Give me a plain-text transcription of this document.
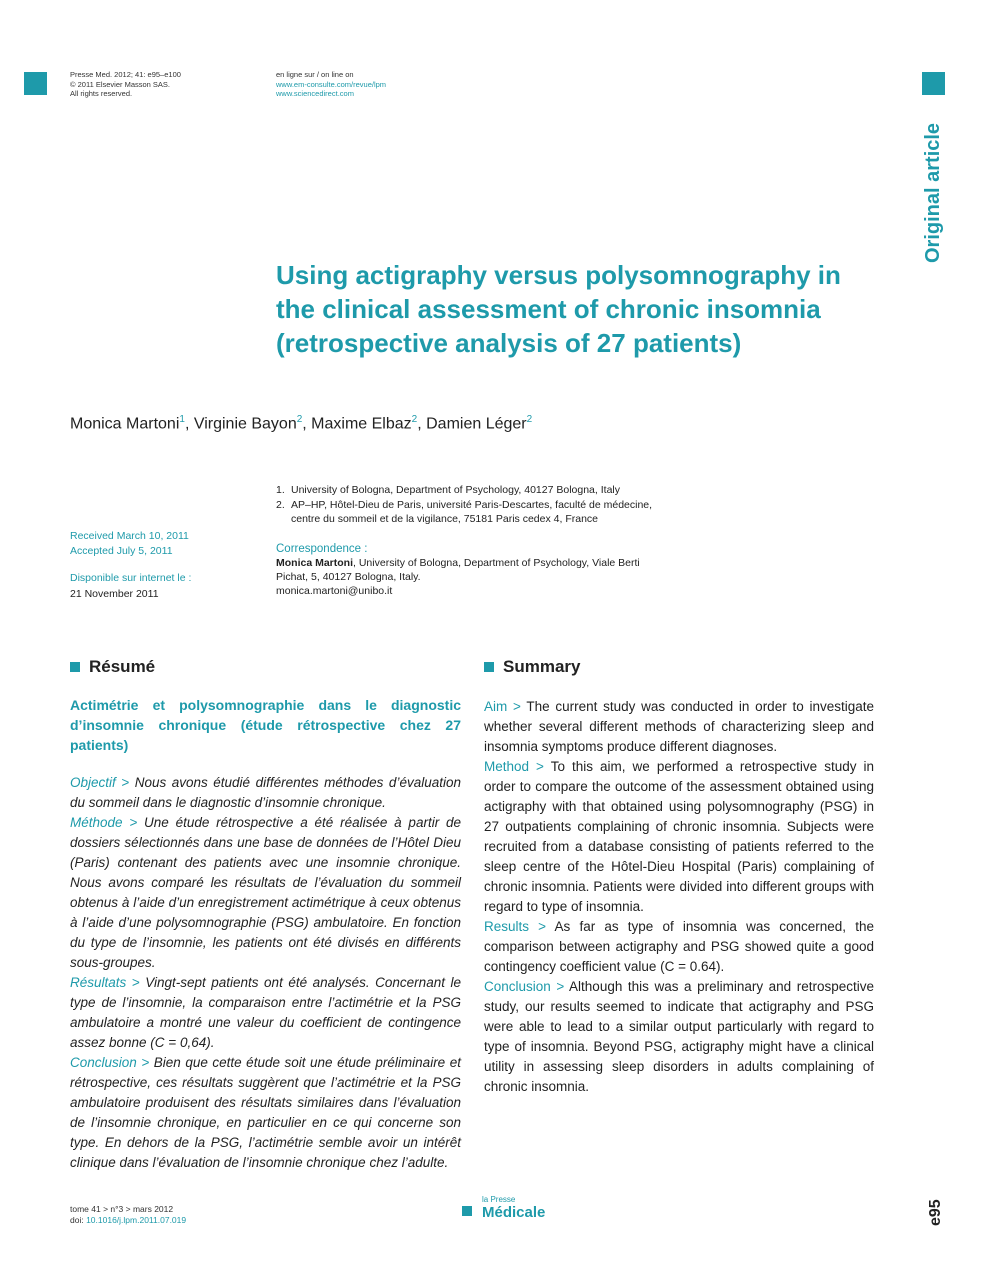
Presse Med. 2012; 41: e95–e100
© 2011 Elsevier Masson SAS.
All rights reserved.
en ligne sur / on line on
www.em-consulte.com/revue/lpm
www.sciencedirect.com
Original article
Using actigraphy versus polysomnography in the clinical assessment of chronic insomnia (retrospective analysis of 27 patients)
Monica Martoni$^1$, Virginie Bayon$^2$, Maxime Elbaz$^2$, Damien Léger$^2$
1. University of Bologna, Department of Psychology, 40127 Bologna, Italy
2. AP–HP, Hôtel-Dieu de Paris, université Paris-Descartes, faculté de médecine,
centre du sommeil et de la vigilance, 75181 Paris cedex 4, France
Received March 10, 2011
Accepted July 5, 2011
Disponible sur internet le :
21 November 2011
Correspondence :
Monica Martoni, University of Bologna, Department of Psychology, Viale Berti
Pichat, 5, 40127 Bologna, Italy.
monica.martoni@unibo.it
Résumé	Summary
Actimétrie et polysomnographie dans le diagnostic d’insomnie chronique (étude rétrospective chez 27 patients)

Objectif > Nous avons étudié différentes méthodes d’évaluation du sommeil dans le diagnostic d’insomnie chronique.

Méthode > Une étude rétrospective a été réalisée à partir de dossiers sélectionnés dans une base de données de l’Hôtel Dieu (Paris) contenant des patients avec une insomnie chronique. Nous avons comparé les résultats de l’évaluation du sommeil obtenus à l’aide d’un enregistrement actimétrique à ceux obtenus à l’aide d’une polysomnographie (PSG) ambulatoire. En fonction du type de l’insomnie, les patients ont été divisés en différents sous-groupes.

Résultats > Vingt-sept patients ont été analysés. Concernant le type de l’insomnie, la comparaison entre l’actimétrie et la PSG ambulatoire a montré une valeur du coefficient de contingence assez bonne (C = 0,64).

Conclusion > Bien que cette étude soit une étude préliminaire et rétrospective, ces résultats suggèrent que l’actimétrie et la PSG ambulatoire produisent des résultats similaires dans l’évaluation de l’insomnie chronique, en particulier en ce qui concerne son type. En dehors de la PSG, l’actimétrie semble avoir un intérêt clinique dans l’évaluation de l’insomnie chronique chez l’adulte.

Aim > The current study was conducted in order to investigate whether several different methods of characterizing sleep and insomnia symptoms produce different diagnoses.

Method > To this aim, we performed a retrospective study in order to compare the outcome of the assessment obtained using actigraphy with that obtained using polysomnography (PSG) in 27 outpatients complaining of chronic insomnia. Subjects were recruited from a database consisting of patients referred to the sleep centre of the Hôtel-Dieu Hospital (Paris) complaining of chronic insomnia. Patients were divided into different groups with regard to type of insomnia.

Results > As far as type of insomnia was concerned, the comparison between actigraphy and PSG showed quite a good contingency coefficient value (C = 0.64).

Conclusion > Although this was a preliminary and retrospective study, our results seemed to indicate that actigraphy and PSG were able to lead to a similar output particularly with regard to type of insomnia. Beyond PSG, actigraphy might have a clinical utility in assessing sleep disorders in adults complaining of chronic insomnia.

tome 41 > n°3 > mars 2012
doi: 10.1016/j.lpm.2011.07.019
la Presse
Médicale	e95
